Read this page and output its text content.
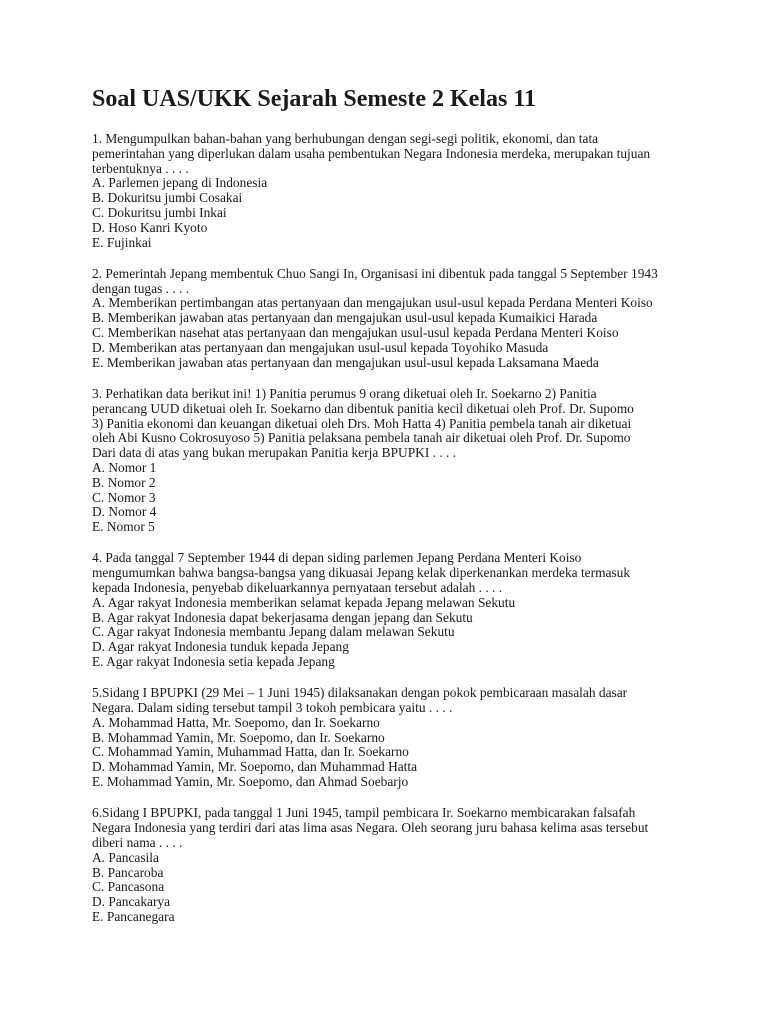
Soal UAS/UKK Sejarah Semeste 2 Kelas 11
1. Mengumpulkan bahan-bahan yang berhubungan dengan segi-segi politik, ekonomi, dan tata
pemerintahan yang diperlukan dalam usaha pembentukan Negara Indonesia merdeka, merupakan tujuan
terbentuknya . . . .
A. Parlemen jepang di Indonesia
B. Dokuritsu jumbi Cosakai
C. Dokuritsu jumbi Inkai
D. Hoso Kanri Kyoto
E. Fujinkai
2. Pemerintah Jepang membentuk Chuo Sangi In, Organisasi ini dibentuk pada tanggal 5 September 1943
dengan tugas . . . .
A. Memberikan pertimbangan atas pertanyaan dan mengajukan usul-usul kepada Perdana Menteri Koiso
B. Memberikan jawaban atas pertanyaan dan mengajukan usul-usul kepada Kumaikici Harada
C. Memberikan nasehat atas pertanyaan dan mengajukan usul-usul kepada Perdana Menteri Koiso
D. Memberikan atas pertanyaan dan mengajukan usul-usul kepada Toyohiko Masuda
E. Memberikan jawaban atas pertanyaan dan mengajukan usul-usul kepada Laksamana Maeda
3. Perhatikan data berikut ini! 1) Panitia perumus 9 orang diketuai oleh Ir. Soekarno 2) Panitia
perancang UUD diketuai oleh Ir. Soekarno dan dibentuk panitia kecil diketuai oleh Prof. Dr. Supomo
3) Panitia ekonomi dan keuangan diketuai oleh Drs. Moh Hatta 4) Panitia pembela tanah air diketuai
oleh Abi Kusno Cokrosuyoso 5) Panitia pelaksana pembela tanah air diketuai oleh Prof. Dr. Supomo
Dari data di atas yang bukan merupakan Panitia kerja BPUPKI . . . .
A. Nomor 1
B. Nomor 2
C. Nomor 3
D. Nomor 4
E. Nomor 5
4. Pada tanggal 7 September 1944 di depan siding parlemen Jepang Perdana Menteri Koiso
mengumumkan bahwa bangsa-bangsa yang dikuasai Jepang kelak diperkenankan merdeka termasuk
kepada Indonesia, penyebab dikeluarkannya pernyataan tersebut adalah . . . .
A. Agar rakyat Indonesia memberikan selamat kepada Jepang melawan Sekutu
B. Agar rakyat Indonesia dapat bekerjasama dengan jepang dan Sekutu
C. Agar rakyat Indonesia membantu Jepang dalam melawan Sekutu
D. Agar rakyat Indonesia tunduk kepada Jepang
E. Agar rakyat Indonesia setia kepada Jepang
5.Sidang I BPUPKI (29 Mei – 1 Juni 1945) dilaksanakan dengan pokok pembicaraan masalah dasar
Negara. Dalam siding tersebut tampil 3 tokoh pembicara yaitu . . . .
A. Mohammad Hatta, Mr. Soepomo, dan Ir. Soekarno
B. Mohammad Yamin, Mr. Soepomo, dan Ir. Soekarno
C. Mohammad Yamin, Muhammad Hatta, dan Ir. Soekarno
D. Mohammad Yamin, Mr. Soepomo, dan Muhammad Hatta
E. Mohammad Yamin, Mr. Soepomo, dan Ahmad Soebarjo
6.Sidang I BPUPKI, pada tanggal 1 Juni 1945, tampil pembicara Ir. Soekarno membicarakan falsafah
Negara Indonesia yang terdiri dari atas lima asas Negara. Oleh seorang juru bahasa kelima asas tersebut
diberi nama . . . .
A. Pancasila
B. Pancaroba
C. Pancasona
D. Pancakarya
E. Pancanegara
